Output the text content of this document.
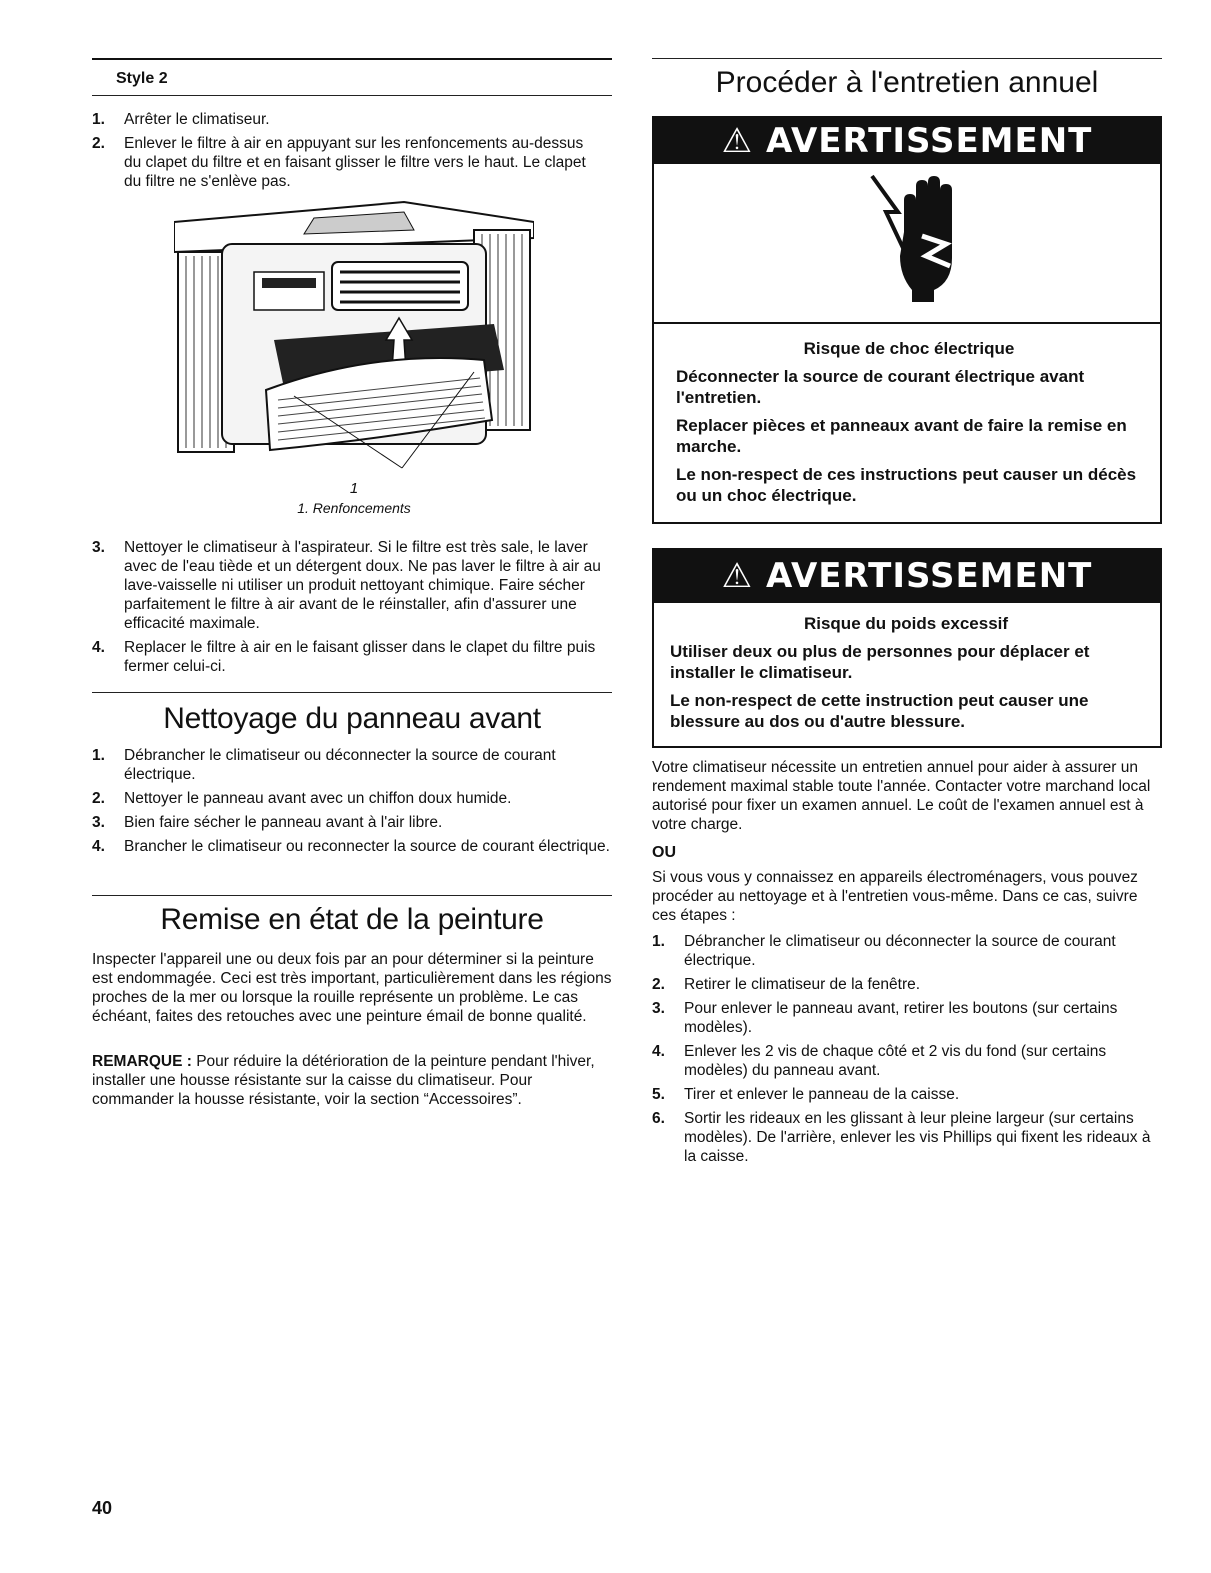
Style 2
1. Arrêter le climatiseur.
2. Enlever le filtre à air en appuyant sur les renfoncements au-dessus du clapet du filtre et en faisant glisser le filtre vers le haut. Le clapet du filtre ne s'enlève pas.
1
1. Renfoncements
3. Nettoyer le climatiseur à l'aspirateur. Si le filtre est très sale, le laver avec de l'eau tiède et un détergent doux. Ne pas laver le filtre à air au lave-vaisselle ni utiliser un produit nettoyant chimique. Faire sécher parfaitement le filtre à air avant de le réinstaller, afin d'assurer une efficacité maximale.
4. Replacer le filtre à air en le faisant glisser dans le clapet du filtre puis fermer celui-ci.
Nettoyage du panneau avant
1. Débrancher le climatiseur ou déconnecter la source de courant électrique.
2. Nettoyer le panneau avant avec un chiffon doux humide.
3. Bien faire sécher le panneau avant à l'air libre.
4. Brancher le climatiseur ou reconnecter la source de courant électrique.
Remise en état de la peinture
Inspecter l'appareil une ou deux fois par an pour déterminer si la peinture est endommagée. Ceci est très important, particulièrement dans les régions proches de la mer ou lorsque la rouille représente un problème. Le cas échéant, faites des retouches avec une peinture émail de bonne qualité.
REMARQUE : Pour réduire la détérioration de la peinture pendant l'hiver, installer une housse résistante sur la caisse du climatiseur. Pour commander la housse résistante, voir la section “Accessoires”.
Procéder à l'entretien annuel
⚠ AVERTISSEMENT

Risque de choc électrique

Déconnecter la source de courant électrique avant l'entretien.

Replacer pièces et panneaux avant de faire la remise en marche.

Le non-respect de ces instructions peut causer un décès ou un choc électrique.

⚠ AVERTISSEMENT

Risque du poids excessif

Utiliser deux ou plus de personnes pour déplacer et installer le climatiseur.

Le non-respect de cette instruction peut causer une blessure au dos ou d'autre blessure.

Votre climatiseur nécessite un entretien annuel pour aider à assurer un rendement maximal stable toute l'année. Contacter votre marchand local autorisé pour fixer un examen annuel. Le coût de l'examen annuel est à votre charge.
OU
Si vous vous y connaissez en appareils électroménagers, vous pouvez procéder au nettoyage et à l'entretien vous-même. Dans ce cas, suivre ces étapes :
1. Débrancher le climatiseur ou déconnecter la source de courant électrique.
2. Retirer le climatiseur de la fenêtre.
3. Pour enlever le panneau avant, retirer les boutons (sur certains modèles).
4. Enlever les 2 vis de chaque côté et 2 vis du fond (sur certains modèles) du panneau avant.
5. Tirer et enlever le panneau de la caisse.
6. Sortir les rideaux en les glissant à leur pleine largeur (sur certains modèles). De l'arrière, enlever les vis Phillips qui fixent les rideaux à la caisse.
40
